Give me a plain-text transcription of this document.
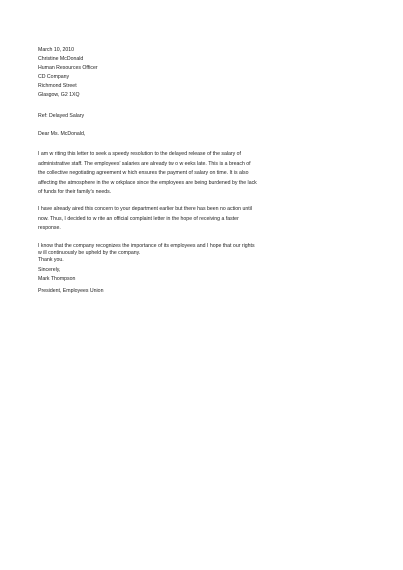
March 10, 2010
Christine McDonald
Human Resources Officer
CD Company
Richmond Street
Glasgow, G2 1XQ
Ref: Delayed Salary
Dear Ms. McDonald,
I am w riting this letter to seek a speedy resolution to the delayed release of the salary of
administrative staff. The employees’ salaries are already tw o w eeks late. This is a breach of
the collective negotiating agreement w hich ensures the payment of salary on time. It is also
affecting the atmosphere in the w orkplace since the employees are being burdened by the lack
of funds for their family’s needs.
I have already aired this concern to your department earlier but there has been no action until
now. Thus, I decided to w rite an official complaint letter in the hope of receiving a faster
response.
I know that the company recognizes the importance of its employees and I hope that our rights
w ill continuously be upheld by the company.
Thank you.
Sincerely,
Mark Thompson
President, Employees Union
